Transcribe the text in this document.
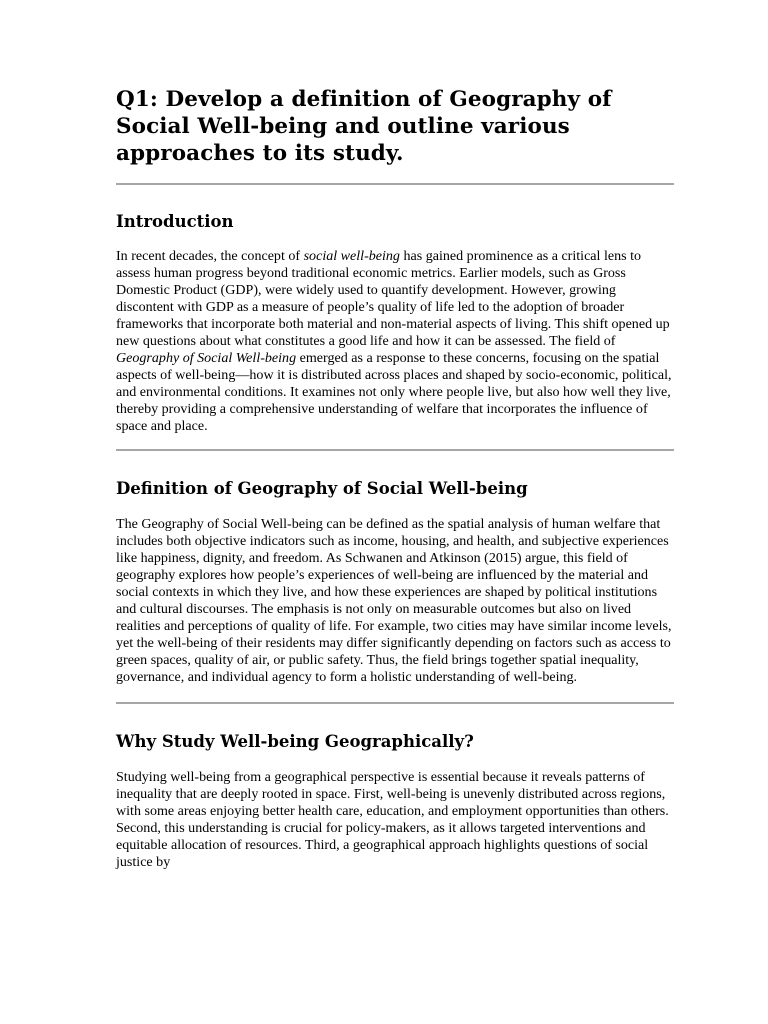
Q1: Develop a definition of Geography of Social Well-being and outline various approaches to its study.
Introduction

In recent decades, the concept of social well-being has gained prominence as a critical lens to assess human progress beyond traditional economic metrics. Earlier models, such as Gross Domestic Product (GDP), were widely used to quantify development. However, growing discontent with GDP as a measure of people’s quality of life led to the adoption of broader frameworks that incorporate both material and non-material aspects of living. This shift opened up new questions about what constitutes a good life and how it can be assessed. The field of Geography of Social Well-being emerged as a response to these concerns, focusing on the spatial aspects of well-being—how it is distributed across places and shaped by socio-economic, political, and environmental conditions. It examines not only where people live, but also how well they live, thereby providing a comprehensive understanding of welfare that incorporates the influence of space and place.

Definition of Geography of Social Well-being

The Geography of Social Well-being can be defined as the spatial analysis of human welfare that includes both objective indicators such as income, housing, and health, and subjective experiences like happiness, dignity, and freedom. As Schwanen and Atkinson (2015) argue, this field of geography explores how people’s experiences of well-being are influenced by the material and social contexts in which they live, and how these experiences are shaped by political institutions and cultural discourses. The emphasis is not only on measurable outcomes but also on lived realities and perceptions of quality of life. For example, two cities may have similar income levels, yet the well-being of their residents may differ significantly depending on factors such as access to green spaces, quality of air, or public safety. Thus, the field brings together spatial inequality, governance, and individual agency to form a holistic understanding of well-being.

Why Study Well-being Geographically?

Studying well-being from a geographical perspective is essential because it reveals patterns of inequality that are deeply rooted in space. First, well-being is unevenly distributed across regions, with some areas enjoying better health care, education, and employment opportunities than others. Second, this understanding is crucial for policy-makers, as it allows targeted interventions and equitable allocation of resources. Third, a geographical approach highlights questions of social justice by
